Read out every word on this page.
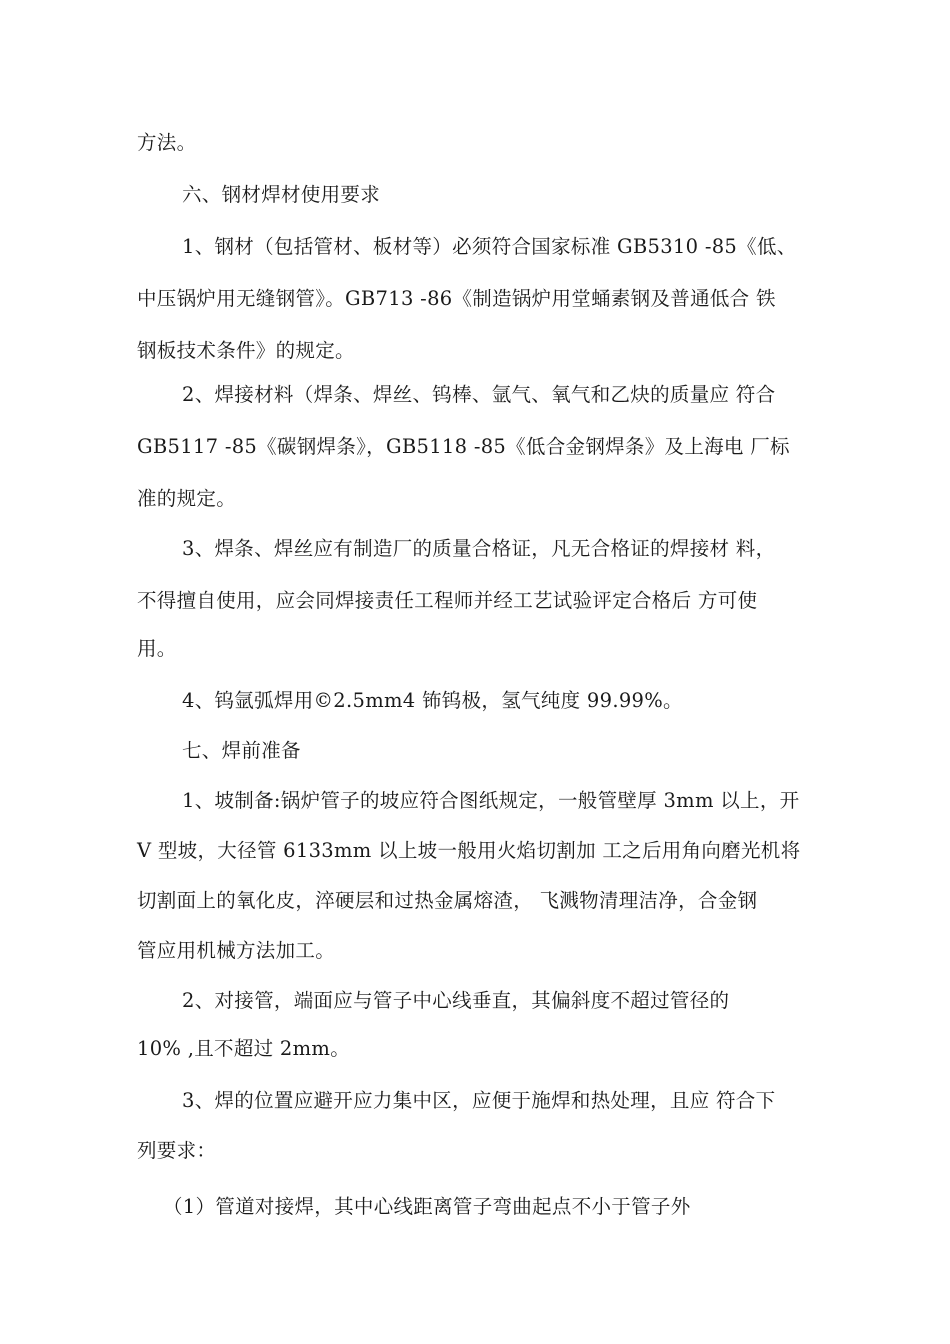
方法。
六、钢材焊材使用要求
1、钢材（包括管材、板材等）必须符合国家标准 GB5310 -85《低、
中压锅炉用无缝钢管》。GB713 -86《制造锅炉用堂蛹素钢及普通低合 铁
钢板技术条件》的规定。
2、焊接材料（焊条、焊丝、钨棒、氩气、氧气和乙炔的质量应 符合
GB5117 -85《碳钢焊条》，GB5118 -85《低合金钢焊条》及上海电 厂标
准的规定。
3、焊条、焊丝应有制造厂的质量合格证，凡无合格证的焊接材 料，
不得擅自使用，应会同焊接责任工程师并经工艺试验评定合格后 方可使
用。
4、钨氩弧焊用©2.5mm4 钸钨极，氢气纯度 99.99%。
七、焊前准备
1、坡制备:锅炉管子的坡应符合图纸规定，一般管壁厚 3mm 以上，开
V 型坡，大径管 6133mm 以上坡一般用火焰切割加 工之后用角向磨光机将
切割面上的氧化皮，淬硬层和过热金属熔渣， 飞溅物清理洁净，合金钢
管应用机械方法加工。
2、对接管，端面应与管子中心线垂直，其偏斜度不超过管径的
10% ,且不超过 2mm。
3、焊的位置应避开应力集中区，应便于施焊和热处理，且应 符合下
列要求：
（1）管道对接焊，其中心线距离管子弯曲起点不小于管子外
